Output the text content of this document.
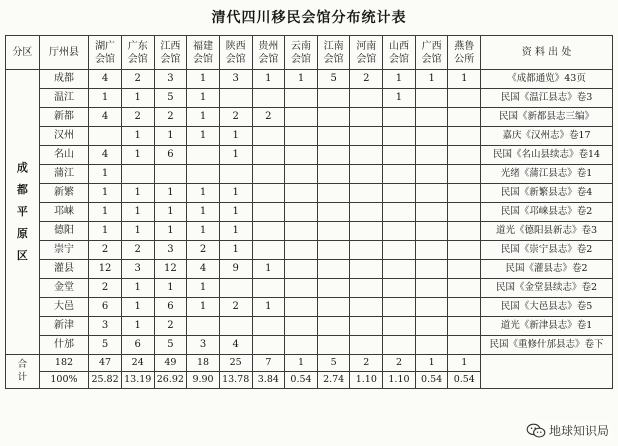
清代四川移民会馆分布统计表
分区	厅州县	湖广会馆	广东会馆	江西会馆	福建会馆	陕西会馆	贵州会馆	云南会馆	江南会馆	河南会馆	山西会馆	广西会馆	燕鲁公所	资 料 出 处
成都平原区	成都	4	2	3	1	3	1	1	5	2	1	1	1	《成都通览》43页
	温江	1	1	5	1						1			民国《温江县志》卷3
	新都	4	2	2	1	2	2							民国《新都县志三编》
	汉州		1	1	1	1								嘉庆《汉州志》卷17
	名山	4	1	6		1								民国《名山县续志》卷14
	蒲江	1												光绪《蒲江县志》卷1
	新繁	1	1	1	1	1								民国《新繁县志》卷4
	邛崃	1	1	1	1	1								民国《邛崃县志》卷2
	德阳	1	1	1	1	1								道光《德阳县新志》卷3
	崇宁	2	2	3	2	1								民国《崇宁县志》卷2
	灌县	12	3	12	4	9	1							民国《灌县志》卷2
	金堂	2	1	1	1									民国《金堂县续志》卷2
	大邑	6	1	6	1	2	1							民国《大邑县志》卷5
	新津	3	1	2										道光《新津县志》卷1
	什邡	5	6	5	3	4								民国《重修什邡县志》卷下
合计	182	47	24	49	18	25	7	1	5	2	2	1	1	
	100%	25.82	13.19	26.92	9.90	13.78	3.84	0.54	2.74	1.10	1.10	0.54	0.54	
地球知识局
